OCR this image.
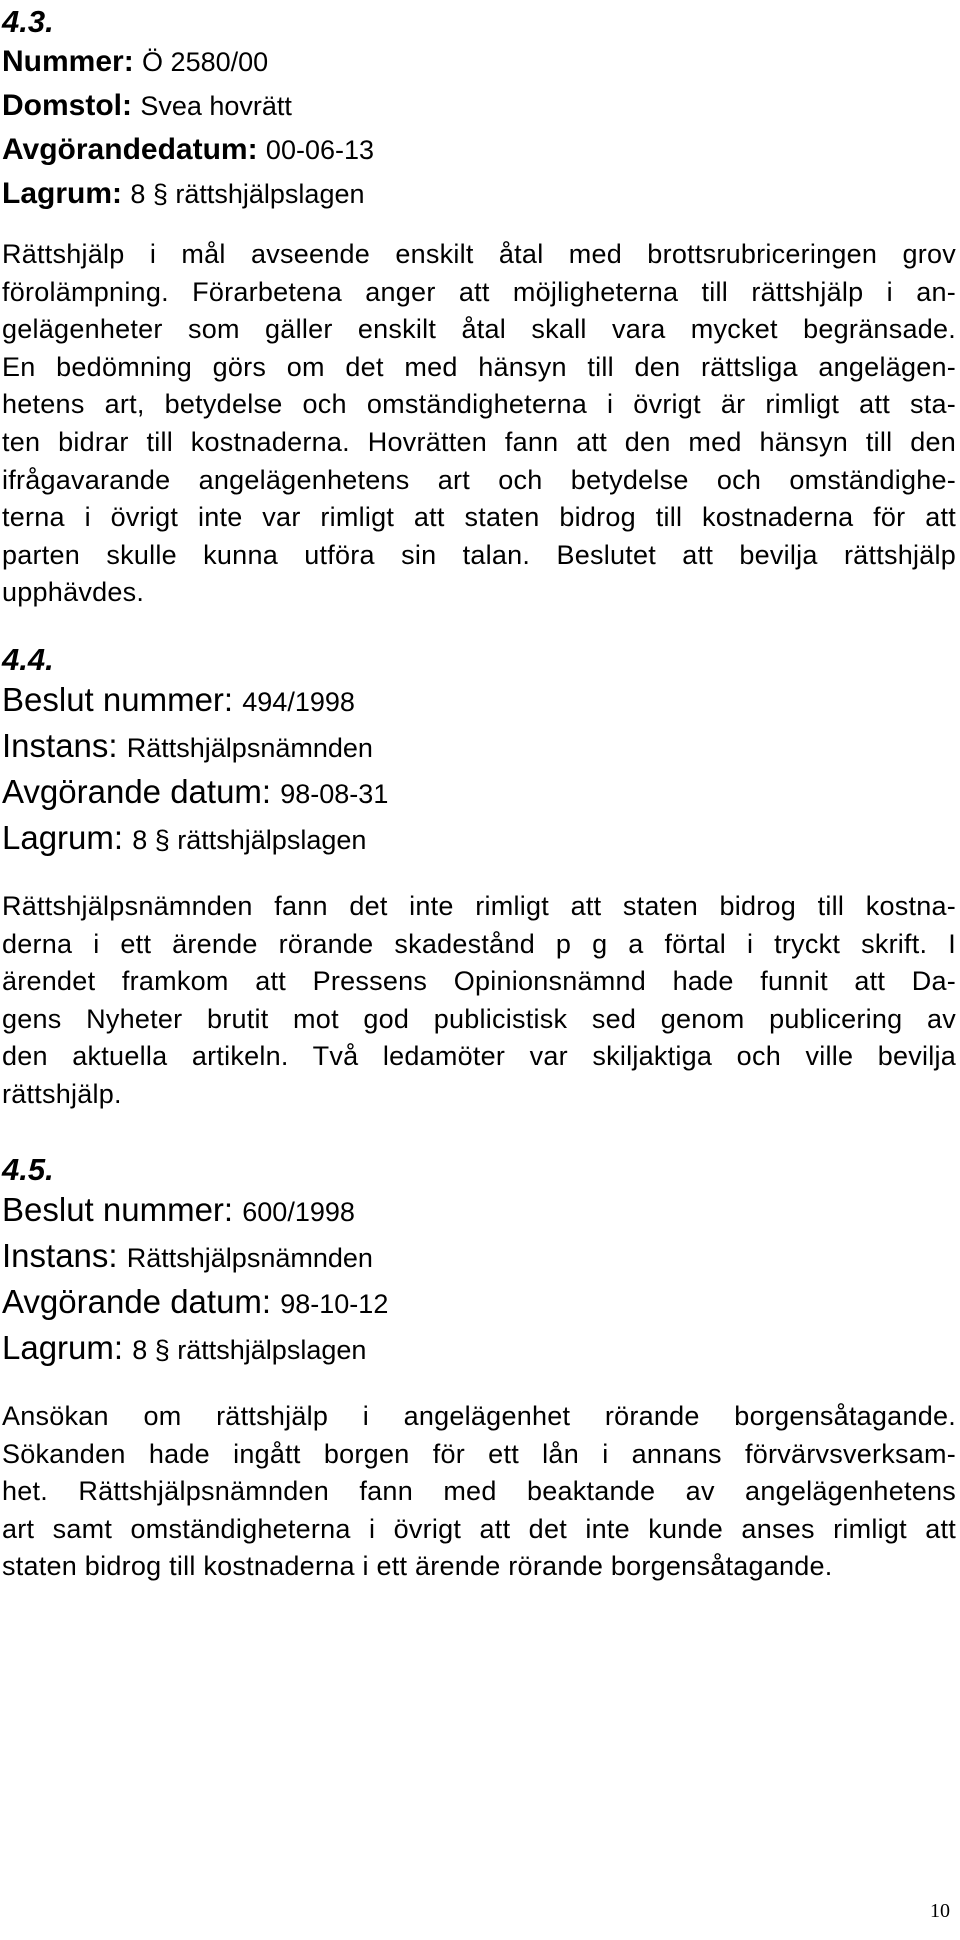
4.3.
Nummer: Ö 2580/00
Domstol: Svea hovrätt
Avgörandedatum: 00-06-13
Lagrum: 8 § rättshjälpslagen

Rättshjälp i mål avseende enskilt åtal med brottsrubriceringen grov
förolämpning. Förarbetena anger att möjligheterna till rättshjälp i an-
gelägenheter som gäller enskilt åtal skall vara mycket begränsade.
En bedömning görs om det med hänsyn till den rättsliga angelägen-
hetens art, betydelse och omständigheterna i övrigt är rimligt att sta-
ten bidrar till kostnaderna. Hovrätten fann att den med hänsyn till den
ifrågavarande angelägenhetens art och betydelse och omständighe-
terna i övrigt inte var rimligt att staten bidrog till kostnaderna för att
parten skulle kunna utföra sin talan. Beslutet att bevilja rättshjälp
upphävdes.

4.4.
Beslut nummer: 494/1998
Instans: Rättshjälpsnämnden
Avgörande datum: 98-08-31
Lagrum: 8 § rättshjälpslagen

Rättshjälpsnämnden fann det inte rimligt att staten bidrog till kostna-
derna i ett ärende rörande skadestånd p g a förtal i tryckt skrift. I
ärendet framkom att Pressens Opinionsnämnd hade funnit att Da-
gens Nyheter brutit mot god publicistisk sed genom publicering av
den aktuella artikeln. Två ledamöter var skiljaktiga och ville bevilja
rättshjälp.

4.5.
Beslut nummer: 600/1998
Instans: Rättshjälpsnämnden
Avgörande datum: 98-10-12
Lagrum: 8 § rättshjälpslagen

Ansökan om rättshjälp i angelägenhet rörande borgensåtagande.
Sökanden hade ingått borgen för ett lån i annans förvärvsverksam-
het. Rättshjälpsnämnden fann med beaktande av angelägenhetens
art samt omständigheterna i övrigt att det inte kunde anses rimligt att
staten bidrog till kostnaderna i ett ärende rörande borgensåtagande.

10
